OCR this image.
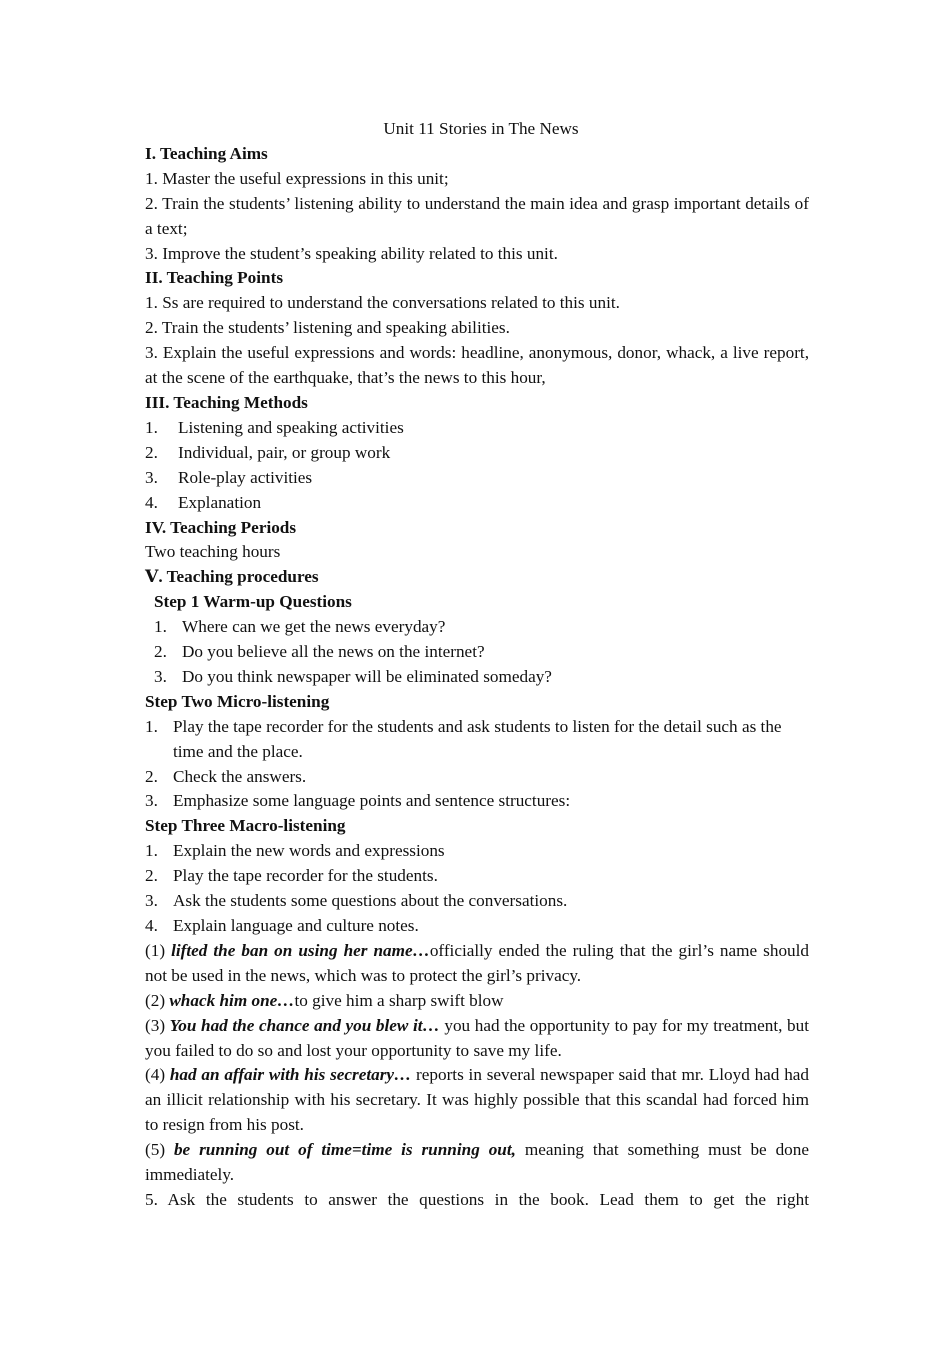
Unit 11 Stories in The News

I. Teaching Aims

1. Master the useful expressions in this unit;

2. Train the students’ listening ability to understand the main idea and grasp important details of a text;

3. Improve the student’s speaking ability related to this unit.

II. Teaching Points

1. Ss are required to understand the conversations related to this unit.

2. Train the students’ listening and speaking abilities.

3. Explain the useful expressions and words: headline, anonymous, donor, whack, a live report, at the scene of the earthquake, that’s the news to this hour,

III. Teaching Methods

1.	Listening and speaking activities
2.	Individual, pair, or group work
3.	Role-play activities
4.	Explanation

IV. Teaching Periods

Two teaching hours

Ⅴ. Teaching procedures

Step 1 Warm-up Questions

1. Where can we get the news everyday?
2. Do you believe all the news on the internet?
3. Do you think newspaper will be eliminated someday?

Step Two Micro-listening

1. Play the tape recorder for the students and ask students to listen for the detail such as the time and the place.
2. Check the answers.
3. Emphasize some language points and sentence structures:

Step Three Macro-listening

1. Explain the new words and expressions
2. Play the tape recorder for the students.
3. Ask the students some questions about the conversations.
4. Explain language and culture notes.

(1) lifted the ban on using her name…officially ended the ruling that the girl’s name should not be used in the news, which was to protect the girl’s privacy.

(2) whack him one…to give him a sharp swift blow

(3) You had the chance and you blew it… you had the opportunity to pay for my treatment, but you failed to do so and lost your opportunity to save my life.

(4) had an affair with his secretary… reports in several newspaper said that mr. Lloyd had had an illicit relationship with his secretary. It was highly possible that this scandal had forced him to resign from his post.

(5) be running out of time=time is running out, meaning that something must be done immediately.

5. Ask the students to answer the questions in the book. Lead them to get the right
